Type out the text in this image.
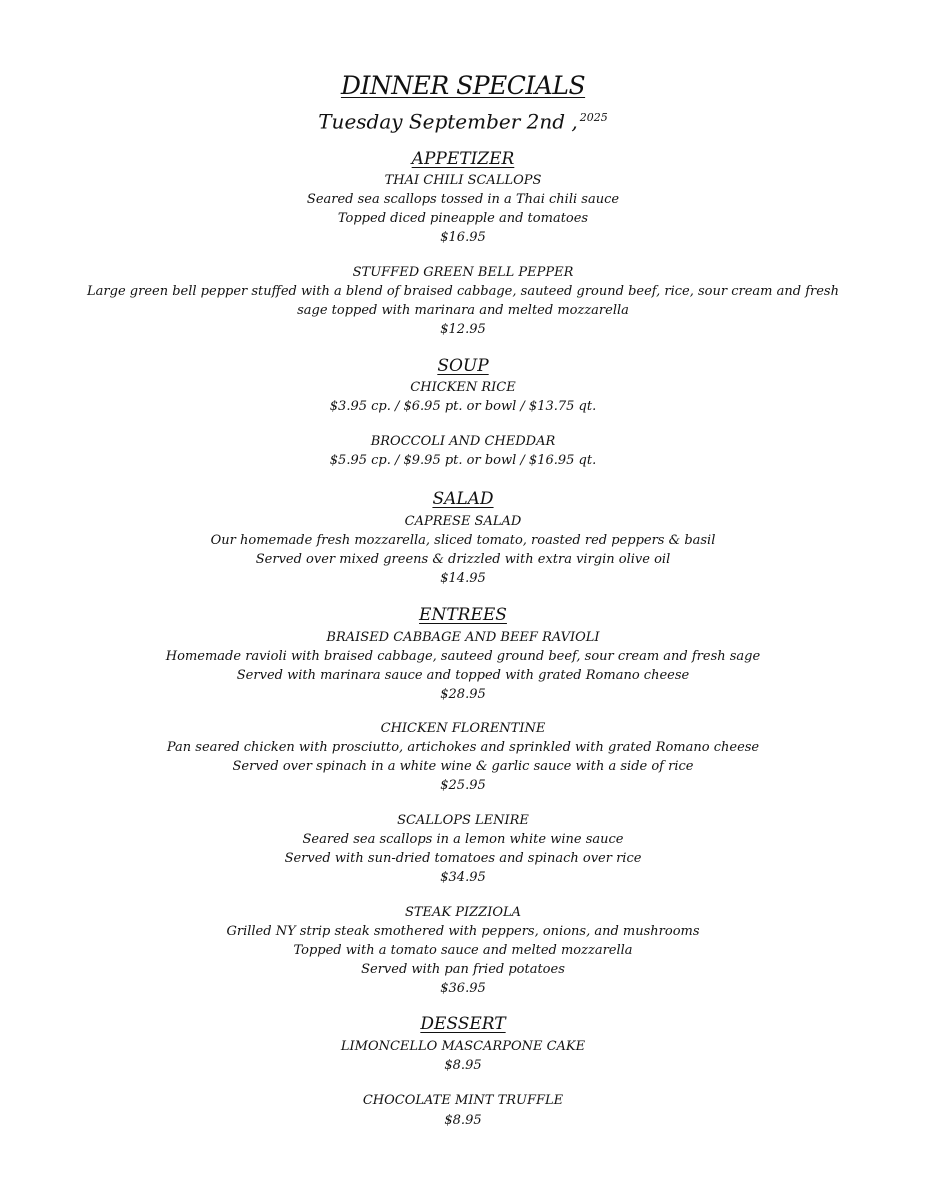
DINNER SPECIALS
Tuesday September 2nd , $^{2025}$
APPETIZER
THAI CHILI SCALLOPS
Seared sea scallops tossed in a Thai chili sauce
Topped diced pineapple and tomatoes
$16.95
STUFFED GREEN BELL PEPPER
Large green bell pepper stuffed with a blend of braised cabbage, sauteed ground beef, rice, sour cream and fresh
sage topped with marinara and melted mozzarella
$12.95
SOUP
CHICKEN RICE
$3.95 cp. / $6.95 pt. or bowl / $13.75 qt.
BROCCOLI AND CHEDDAR
$5.95 cp. / $9.95 pt. or bowl / $16.95 qt.
SALAD
CAPRESE SALAD
Our homemade fresh mozzarella, sliced tomato, roasted red peppers & basil
Served over mixed greens & drizzled with extra virgin olive oil
$14.95
ENTREES
BRAISED CABBAGE AND BEEF RAVIOLI
Homemade ravioli with braised cabbage, sauteed ground beef, sour cream and fresh sage
Served with marinara sauce and topped with grated Romano cheese
$28.95
CHICKEN FLORENTINE
Pan seared chicken with prosciutto, artichokes and sprinkled with grated Romano cheese
Served over spinach in a white wine & garlic sauce with a side of rice
$25.95
SCALLOPS LENIRE
Seared sea scallops in a lemon white wine sauce
Served with sun-dried tomatoes and spinach over rice
$34.95
STEAK PIZZIOLA
Grilled NY strip steak smothered with peppers, onions, and mushrooms
Topped with a tomato sauce and melted mozzarella
Served with pan fried potatoes
$36.95
DESSERT
LIMONCELLO MASCARPONE CAKE
$8.95
CHOCOLATE MINT TRUFFLE
$8.95
